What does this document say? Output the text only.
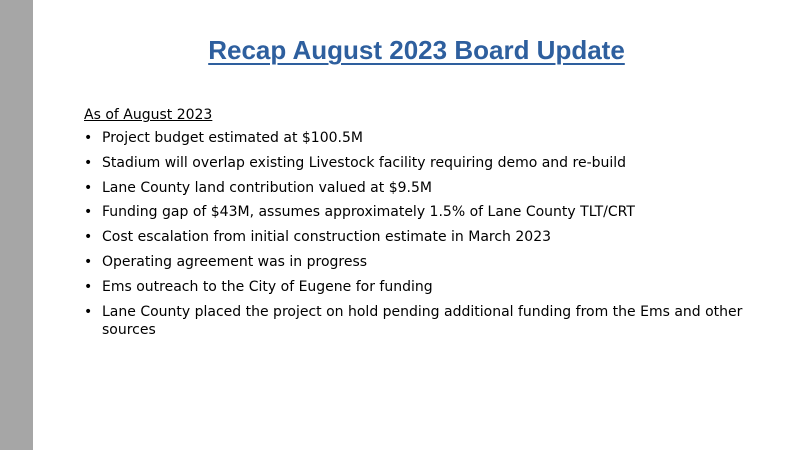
Recap August 2023 Board Update
As of August 2023
• Project budget estimated at $100.5M
• Stadium will overlap existing Livestock facility requiring demo and re-build
• Lane County land contribution valued at $9.5M
• Funding gap of $43M, assumes approximately 1.5% of Lane County TLT/CRT
• Cost escalation from initial construction estimate in March 2023
• Operating agreement was in progress
• Ems outreach to the City of Eugene for funding
• Lane County placed the project on hold pending additional funding from the Ems and other sources
